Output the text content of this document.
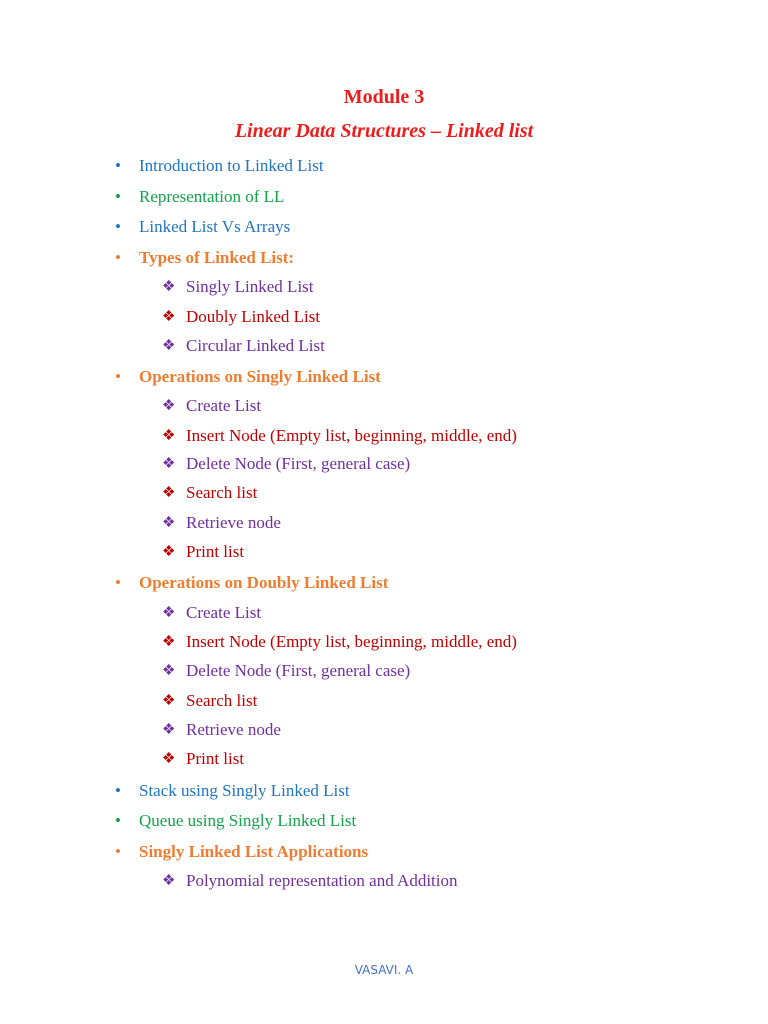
Module 3
Linear Data Structures – Linked list
• Introduction to Linked List
• Representation of LL
• Linked List Vs Arrays
• Types of Linked List:
❖ Singly Linked List
❖ Doubly Linked List
❖ Circular Linked List
• Operations on Singly Linked List
❖ Create List
❖ Insert Node (Empty list, beginning, middle, end)
❖ Delete Node (First, general case)
❖ Search list
❖ Retrieve node
❖ Print list
• Operations on Doubly Linked List
❖ Create List
❖ Insert Node (Empty list, beginning, middle, end)
❖ Delete Node (First, general case)
❖ Search list
❖ Retrieve node
❖ Print list
• Stack using Singly Linked List
• Queue using Singly Linked List
• Singly Linked List Applications
❖ Polynomial representation and Addition
VASAVI. A
